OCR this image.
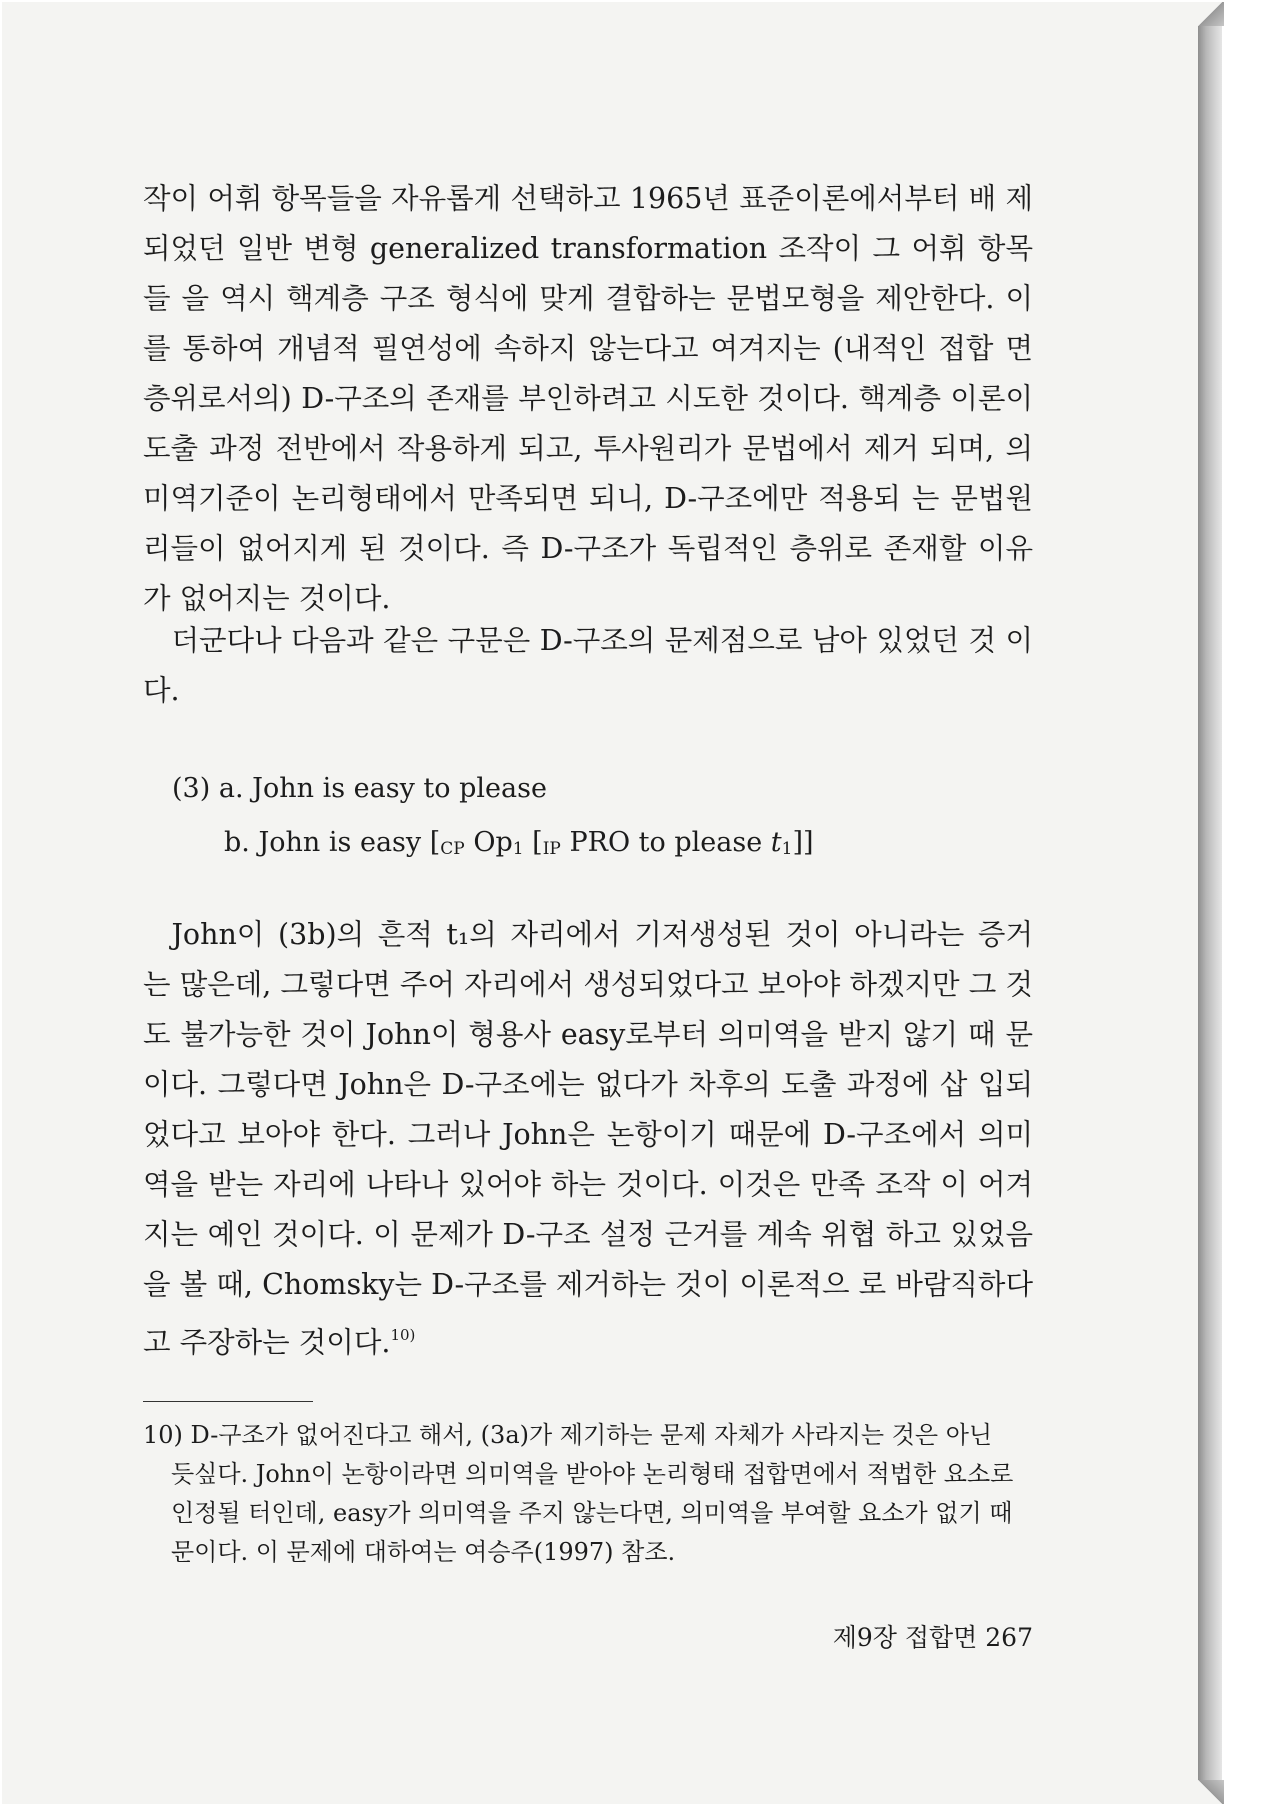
작이 어휘 항목들을 자유롭게 선택하고 1965년 표준이론에서부터 배 제되었던 일반 변형 generalized transformation 조작이 그 어휘 항목들 을 역시 핵계층 구조 형식에 맞게 결합하는 문법모형을 제안한다. 이 를 통하여 개념적 필연성에 속하지 않는다고 여겨지는 (내적인 접합 면 층위로서의) D-구조의 존재를 부인하려고 시도한 것이다. 핵계층 이론이 도출 과정 전반에서 작용하게 되고, 투사원리가 문법에서 제거 되며, 의미역기준이 논리형태에서 만족되면 되니, D-구조에만 적용되 는 문법원리들이 없어지게 된 것이다. 즉 D-구조가 독립적인 층위로 존재할 이유가 없어지는 것이다.

더군다나 다음과 같은 구문은 D-구조의 문제점으로 남아 있었던 것 이다.

(3) a. John is easy to please
b. John is easy [CP Op1 [IP PRO to please t1]]

John이 (3b)의 흔적 t₁의 자리에서 기저생성된 것이 아니라는 증거 는 많은데, 그렇다면 주어 자리에서 생성되었다고 보아야 하겠지만 그 것도 불가능한 것이 John이 형용사 easy로부터 의미역을 받지 않기 때 문이다. 그렇다면 John은 D-구조에는 없다가 차후의 도출 과정에 삽 입되었다고 보아야 한다. 그러나 John은 논항이기 때문에 D-구조에서 의미역을 받는 자리에 나타나 있어야 하는 것이다. 이것은 만족 조작 이 어겨지는 예인 것이다. 이 문제가 D-구조 설정 근거를 계속 위협 하고 있었음을 볼 때, Chomsky는 D-구조를 제거하는 것이 이론적으 로 바람직하다고 주장하는 것이다.$^{10)}$

10) D-구조가 없어진다고 해서, (3a)가 제기하는 문제 자체가 사라지는 것은 아닌
듯싶다. John이 논항이라면 의미역을 받아야 논리형태 접합면에서 적법한 요소로
인정될 터인데, easy가 의미역을 주지 않는다면, 의미역을 부여할 요소가 없기 때
문이다. 이 문제에 대하여는 여승주(1997) 참조.
제9장 접합면 267
